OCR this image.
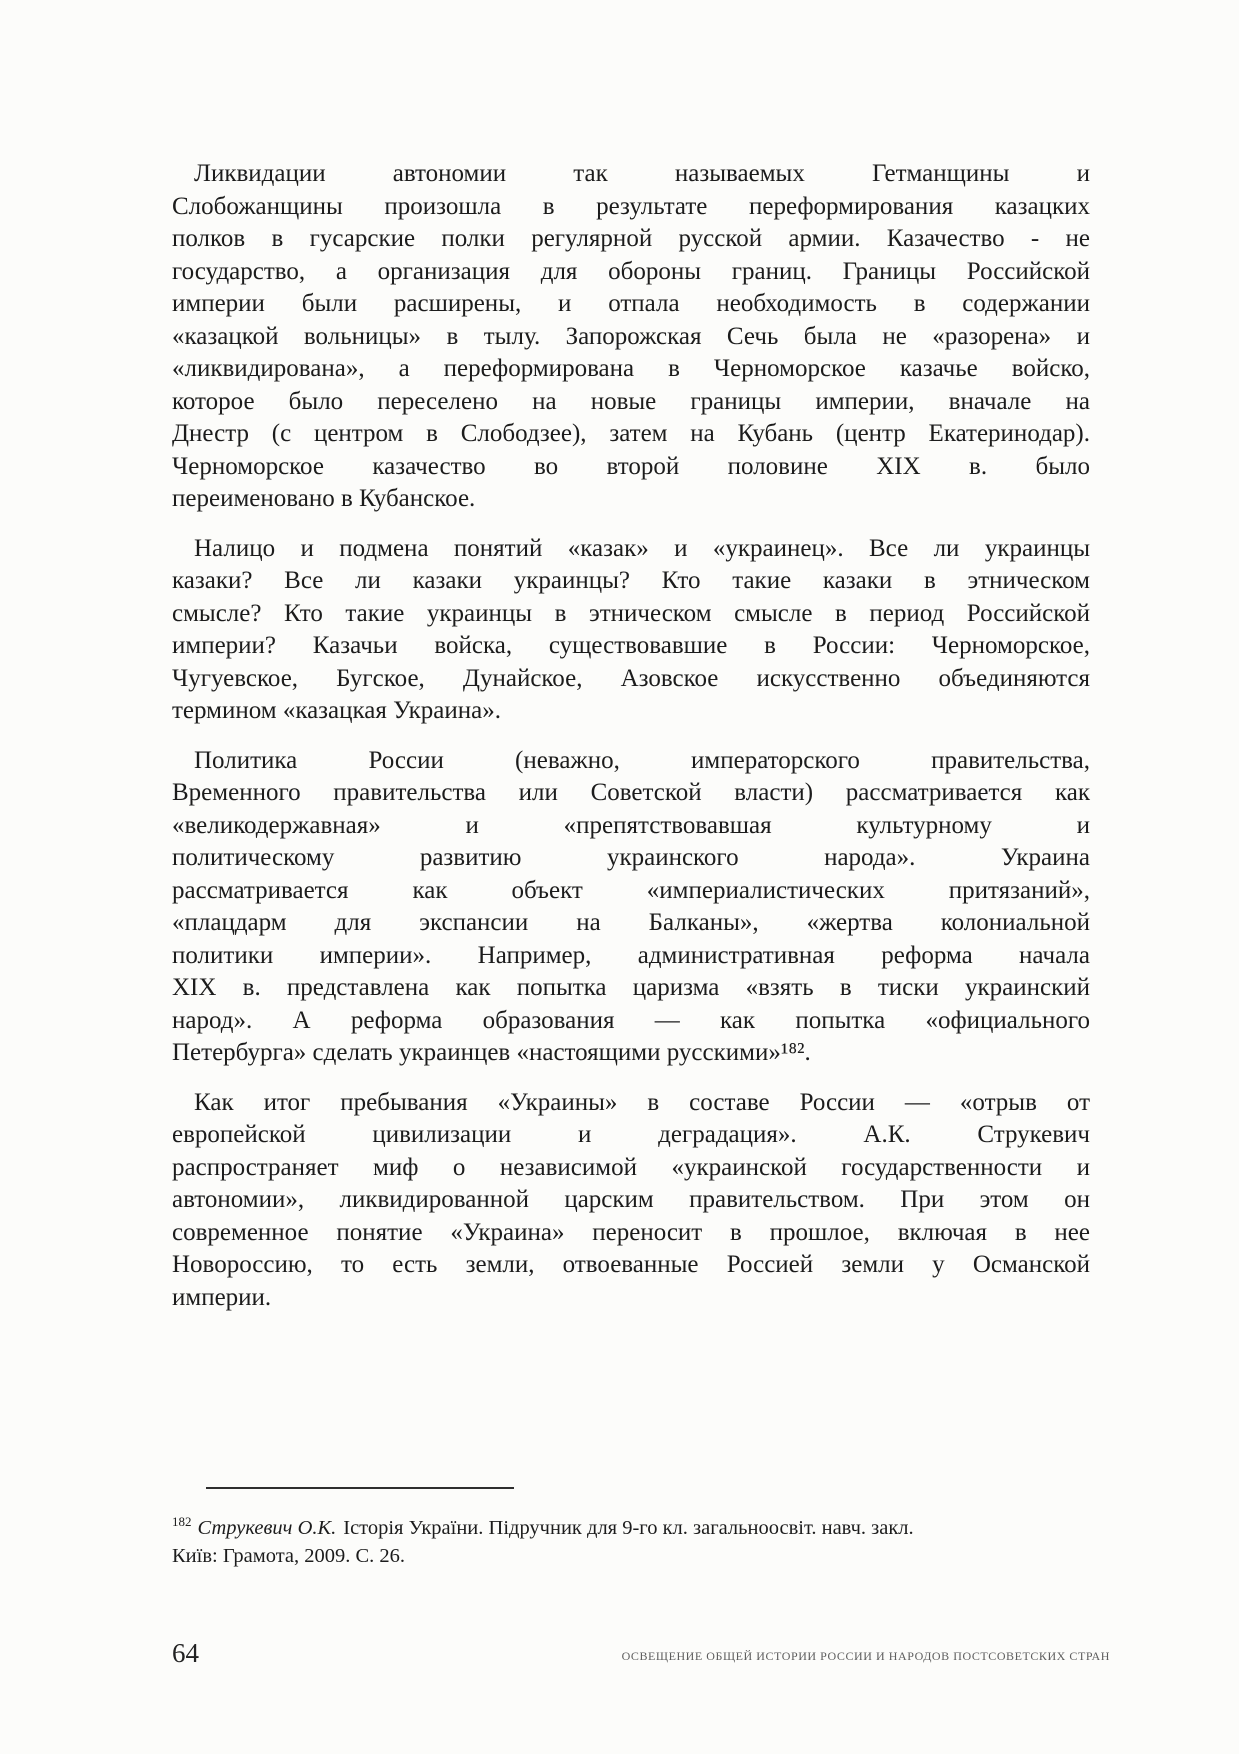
Ликвидации автономии так называемых Гетманщины и
Слобожанщины произошла в результате переформирования казацких
полков в гусарские полки регулярной русской армии. Казачество - не
государство, а организация для обороны границ. Границы Российской
империи были расширены, и отпала необходимость в содержании
«казацкой вольницы» в тылу. Запорожская Сечь была не «разорена» и
«ликвидирована», а переформирована в Черноморское казачье войско,
которое было переселено на новые границы империи, вначале на
Днестр (с центром в Слободзее), затем на Кубань (центр Екатеринодар).
Черноморское казачество во второй половине XIX в. было
переименовано в Кубанское.
Налицо и подмена понятий «казак» и «украинец». Все ли украинцы
казаки? Все ли казаки украинцы? Кто такие казаки в этническом
смысле? Кто такие украинцы в этническом смысле в период Российской
империи? Казачьи войска, существовавшие в России: Черноморское,
Чугуевское, Бугское, Дунайское, Азовское искусственно объединяются
термином «казацкая Украина».
Политика России (неважно, императорского правительства,
Временного правительства или Советской власти) рассматривается как
«великодержавная» и «препятствовавшая культурному и
политическому развитию украинского народа». Украина
рассматривается как объект «империалистических притязаний»,
«плацдарм для экспансии на Балканы», «жертва колониальной
политики империи». Например, административная реформа начала
XIX в. представлена как попытка царизма «взять в тиски украинский
народ». А реформа образования — как попытка «официального
Петербурга» сделать украинцев «настоящими русскими»¹⁸².
Как итог пребывания «Украины» в составе России — «отрыв от
европейской цивилизации и деградация». А.К. Струкевич
распространяет миф о независимой «украинской государственности и
автономии», ликвидированной царским правительством. При этом он
современное понятие «Украина» переносит в прошлое, включая в нее
Новороссию, то есть земли, отвоеванные Россией земли у Османской
империи.
$^{182}$ Струкевич О.К. Історія України. Підручник для 9-го кл. загальноосвіт. навч. закл.
Київ: Грамота, 2009. С. 26.
64	ОСВЕЩЕНИЕ ОБЩЕЙ ИСТОРИИ РОССИИ И НАРОДОВ ПОСТСОВЕТСКИХ СТРАН
